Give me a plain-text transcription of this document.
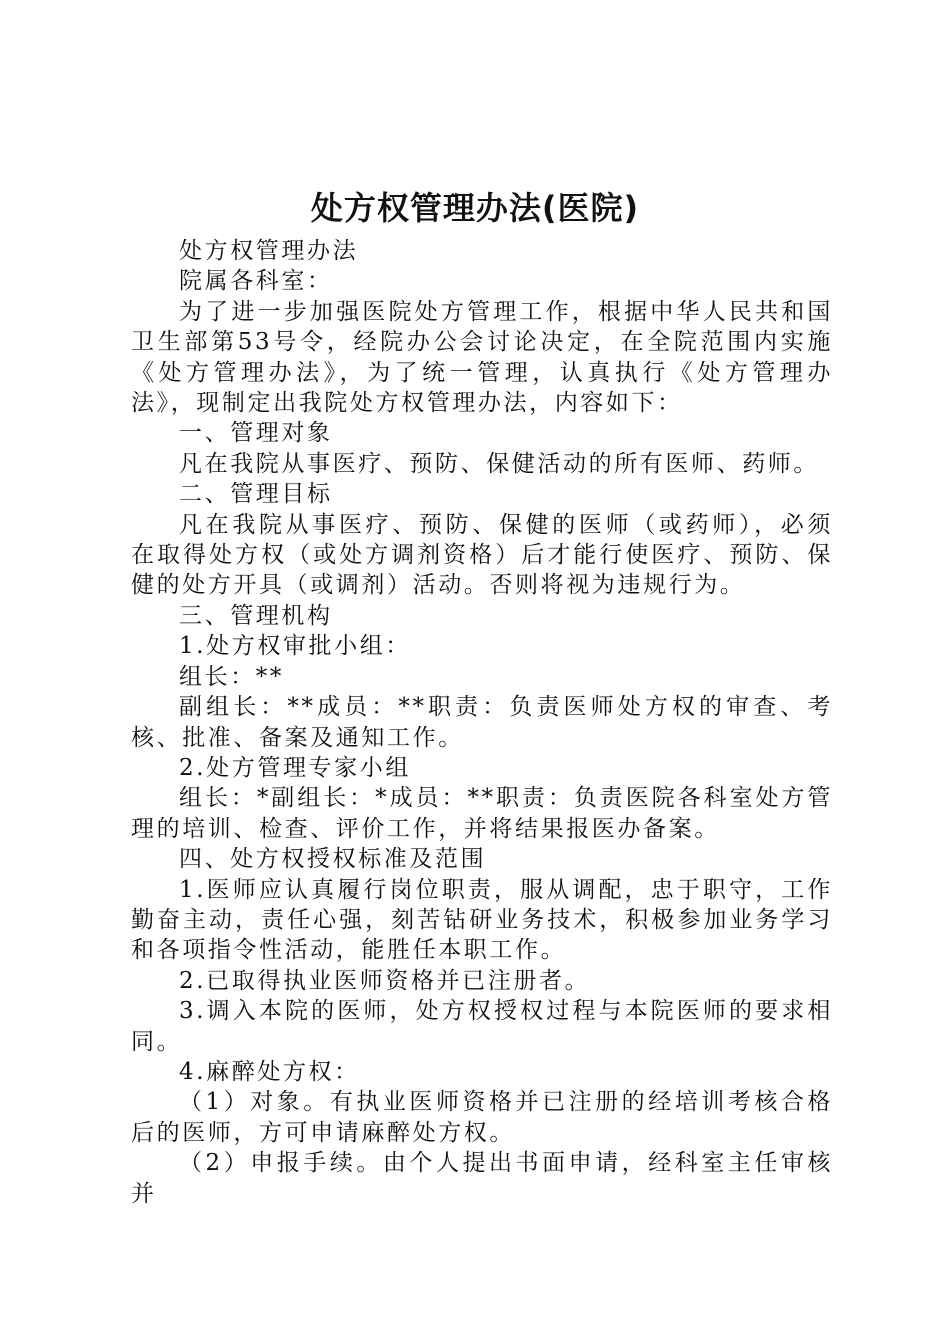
处方权管理办法(医院)

处方权管理办法

院属各科室：

为了进一步加强医院处方管理工作，根据中华人民共和国卫生部第53号令，经院办公会讨论决定，在全院范围内实施《处方管理办法》，为了统一管理，认真执行《处方管理办法》，现制定出我院处方权管理办法，内容如下：

一、管理对象

凡在我院从事医疗、预防、保健活动的所有医师、药师。

二、管理目标

凡在我院从事医疗、预防、保健的医师（或药师），必须在取得处方权（或处方调剂资格）后才能行使医疗、预防、保健的处方开具（或调剂）活动。否则将视为违规行为。

三、管理机构

1.处方权审批小组：

组长：**

副组长：**成员：**职责：负责医师处方权的审查、考核、批准、备案及通知工作。

2.处方管理专家小组

组长：*副组长：*成员：**职责：负责医院各科室处方管理的培训、检查、评价工作，并将结果报医办备案。

四、处方权授权标准及范围

1.医师应认真履行岗位职责，服从调配，忠于职守，工作勤奋主动，责任心强，刻苦钻研业务技术，积极参加业务学习和各项指令性活动，能胜任本职工作。

2.已取得执业医师资格并已注册者。

3.调入本院的医师，处方权授权过程与本院医师的要求相同。

4.麻醉处方权：

（1）对象。有执业医师资格并已注册的经培训考核合格后的医师，方可申请麻醉处方权。

（2）申报手续。由个人提出书面申请，经科室主任审核并
